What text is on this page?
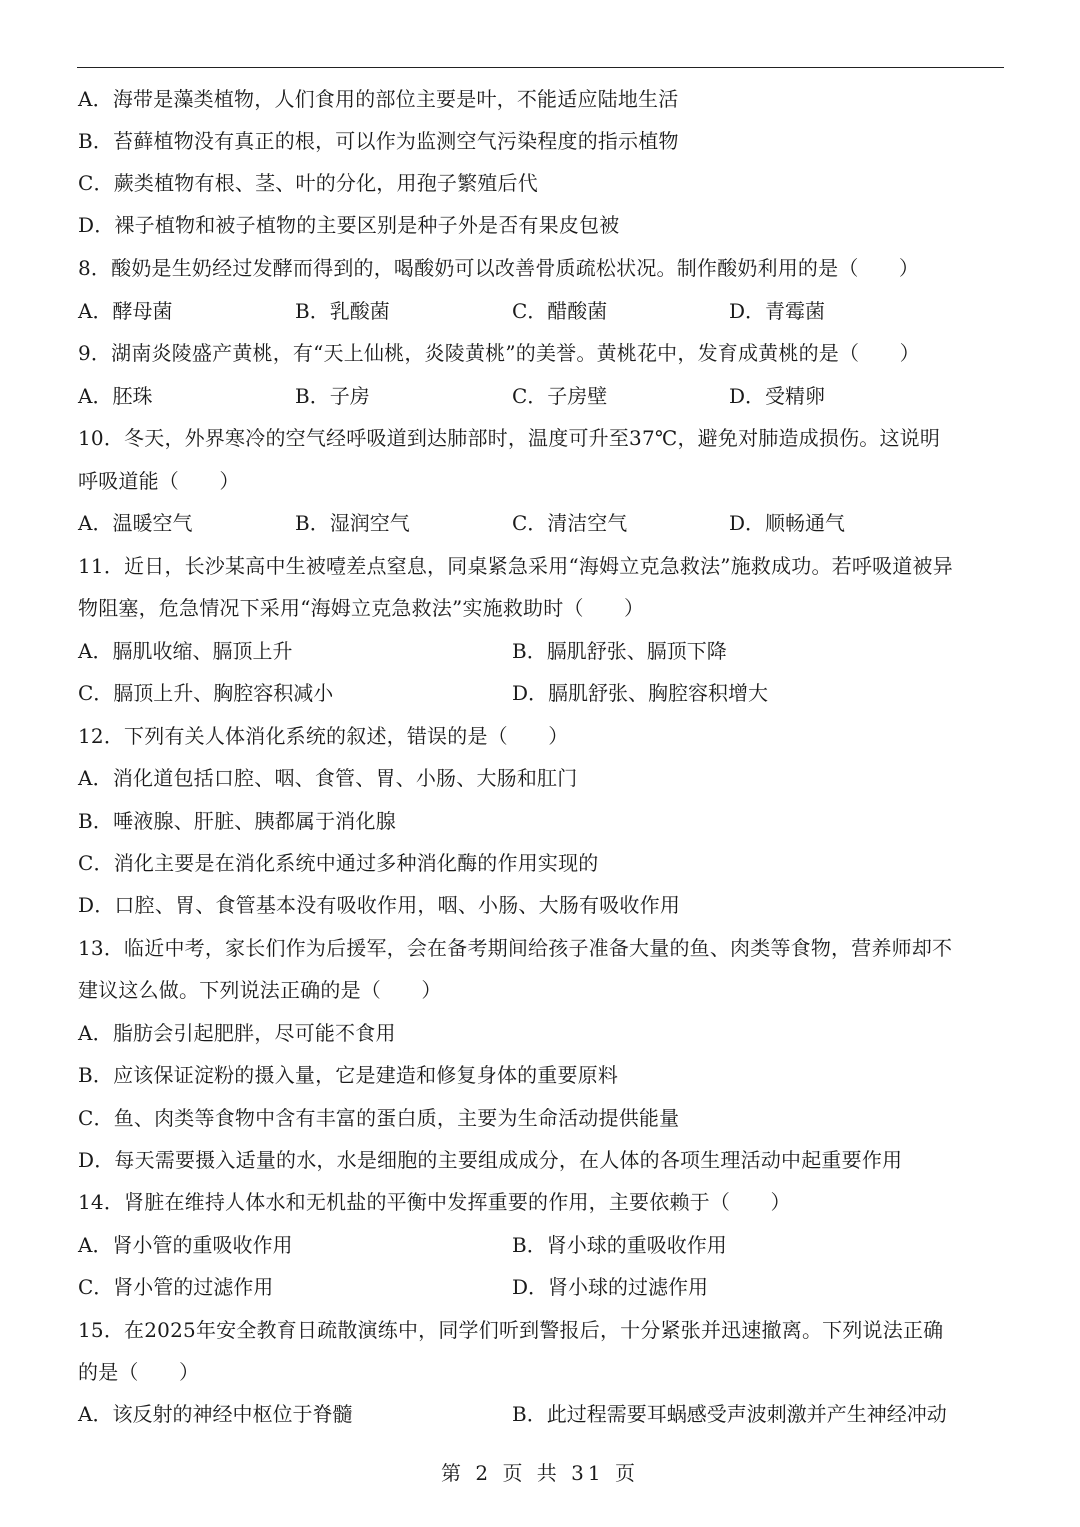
A．海带是藻类植物，人们食用的部位主要是叶，不能适应陆地生活
B．苔藓植物没有真正的根，可以作为监测空气污染程度的指示植物
C．蕨类植物有根、茎、叶的分化，用孢子繁殖后代
D．裸子植物和被子植物的主要区别是种子外是否有果皮包被
8．酸奶是生奶经过发酵而得到的，喝酸奶可以改善骨质疏松状况。制作酸奶利用的是（　　）
A．酵母菌	B．乳酸菌	C．醋酸菌	D．青霉菌
9．湖南炎陵盛产黄桃，有“天上仙桃，炎陵黄桃”的美誉。黄桃花中，发育成黄桃的是（　　）
A．胚珠	B．子房	C．子房壁	D．受精卵
10．冬天，外界寒冷的空气经呼吸道到达肺部时，温度可升至37℃，避免对肺造成损伤。这说明
呼吸道能（　　）
A．温暖空气	B．湿润空气	C．清洁空气	D．顺畅通气
11．近日，长沙某高中生被噎差点窒息，同桌紧急采用“海姆立克急救法”施救成功。若呼吸道被异
物阻塞，危急情况下采用“海姆立克急救法”实施救助时（　　）
A．膈肌收缩、膈顶上升	B．膈肌舒张、膈顶下降
C．膈顶上升、胸腔容积减小	D．膈肌舒张、胸腔容积增大
12．下列有关人体消化系统的叙述，错误的是（　　）
A．消化道包括口腔、咽、食管、胃、小肠、大肠和肛门
B．唾液腺、肝脏、胰都属于消化腺
C．消化主要是在消化系统中通过多种消化酶的作用实现的
D．口腔、胃、食管基本没有吸收作用，咽、小肠、大肠有吸收作用
13．临近中考，家长们作为后援军，会在备考期间给孩子准备大量的鱼、肉类等食物，营养师却不
建议这么做。下列说法正确的是（　　）
A．脂肪会引起肥胖，尽可能不食用
B．应该保证淀粉的摄入量，它是建造和修复身体的重要原料
C．鱼、肉类等食物中含有丰富的蛋白质，主要为生命活动提供能量
D．每天需要摄入适量的水，水是细胞的主要组成成分，在人体的各项生理活动中起重要作用
14．肾脏在维持人体水和无机盐的平衡中发挥重要的作用，主要依赖于（　　）
A．肾小管的重吸收作用	B．肾小球的重吸收作用
C．肾小管的过滤作用	D．肾小球的过滤作用
15．在2025年安全教育日疏散演练中，同学们听到警报后，十分紧张并迅速撤离。下列说法正确
的是（　　）
A．该反射的神经中枢位于脊髓	B．此过程需要耳蜗感受声波刺激并产生神经冲动
第 2 页 共 31 页
